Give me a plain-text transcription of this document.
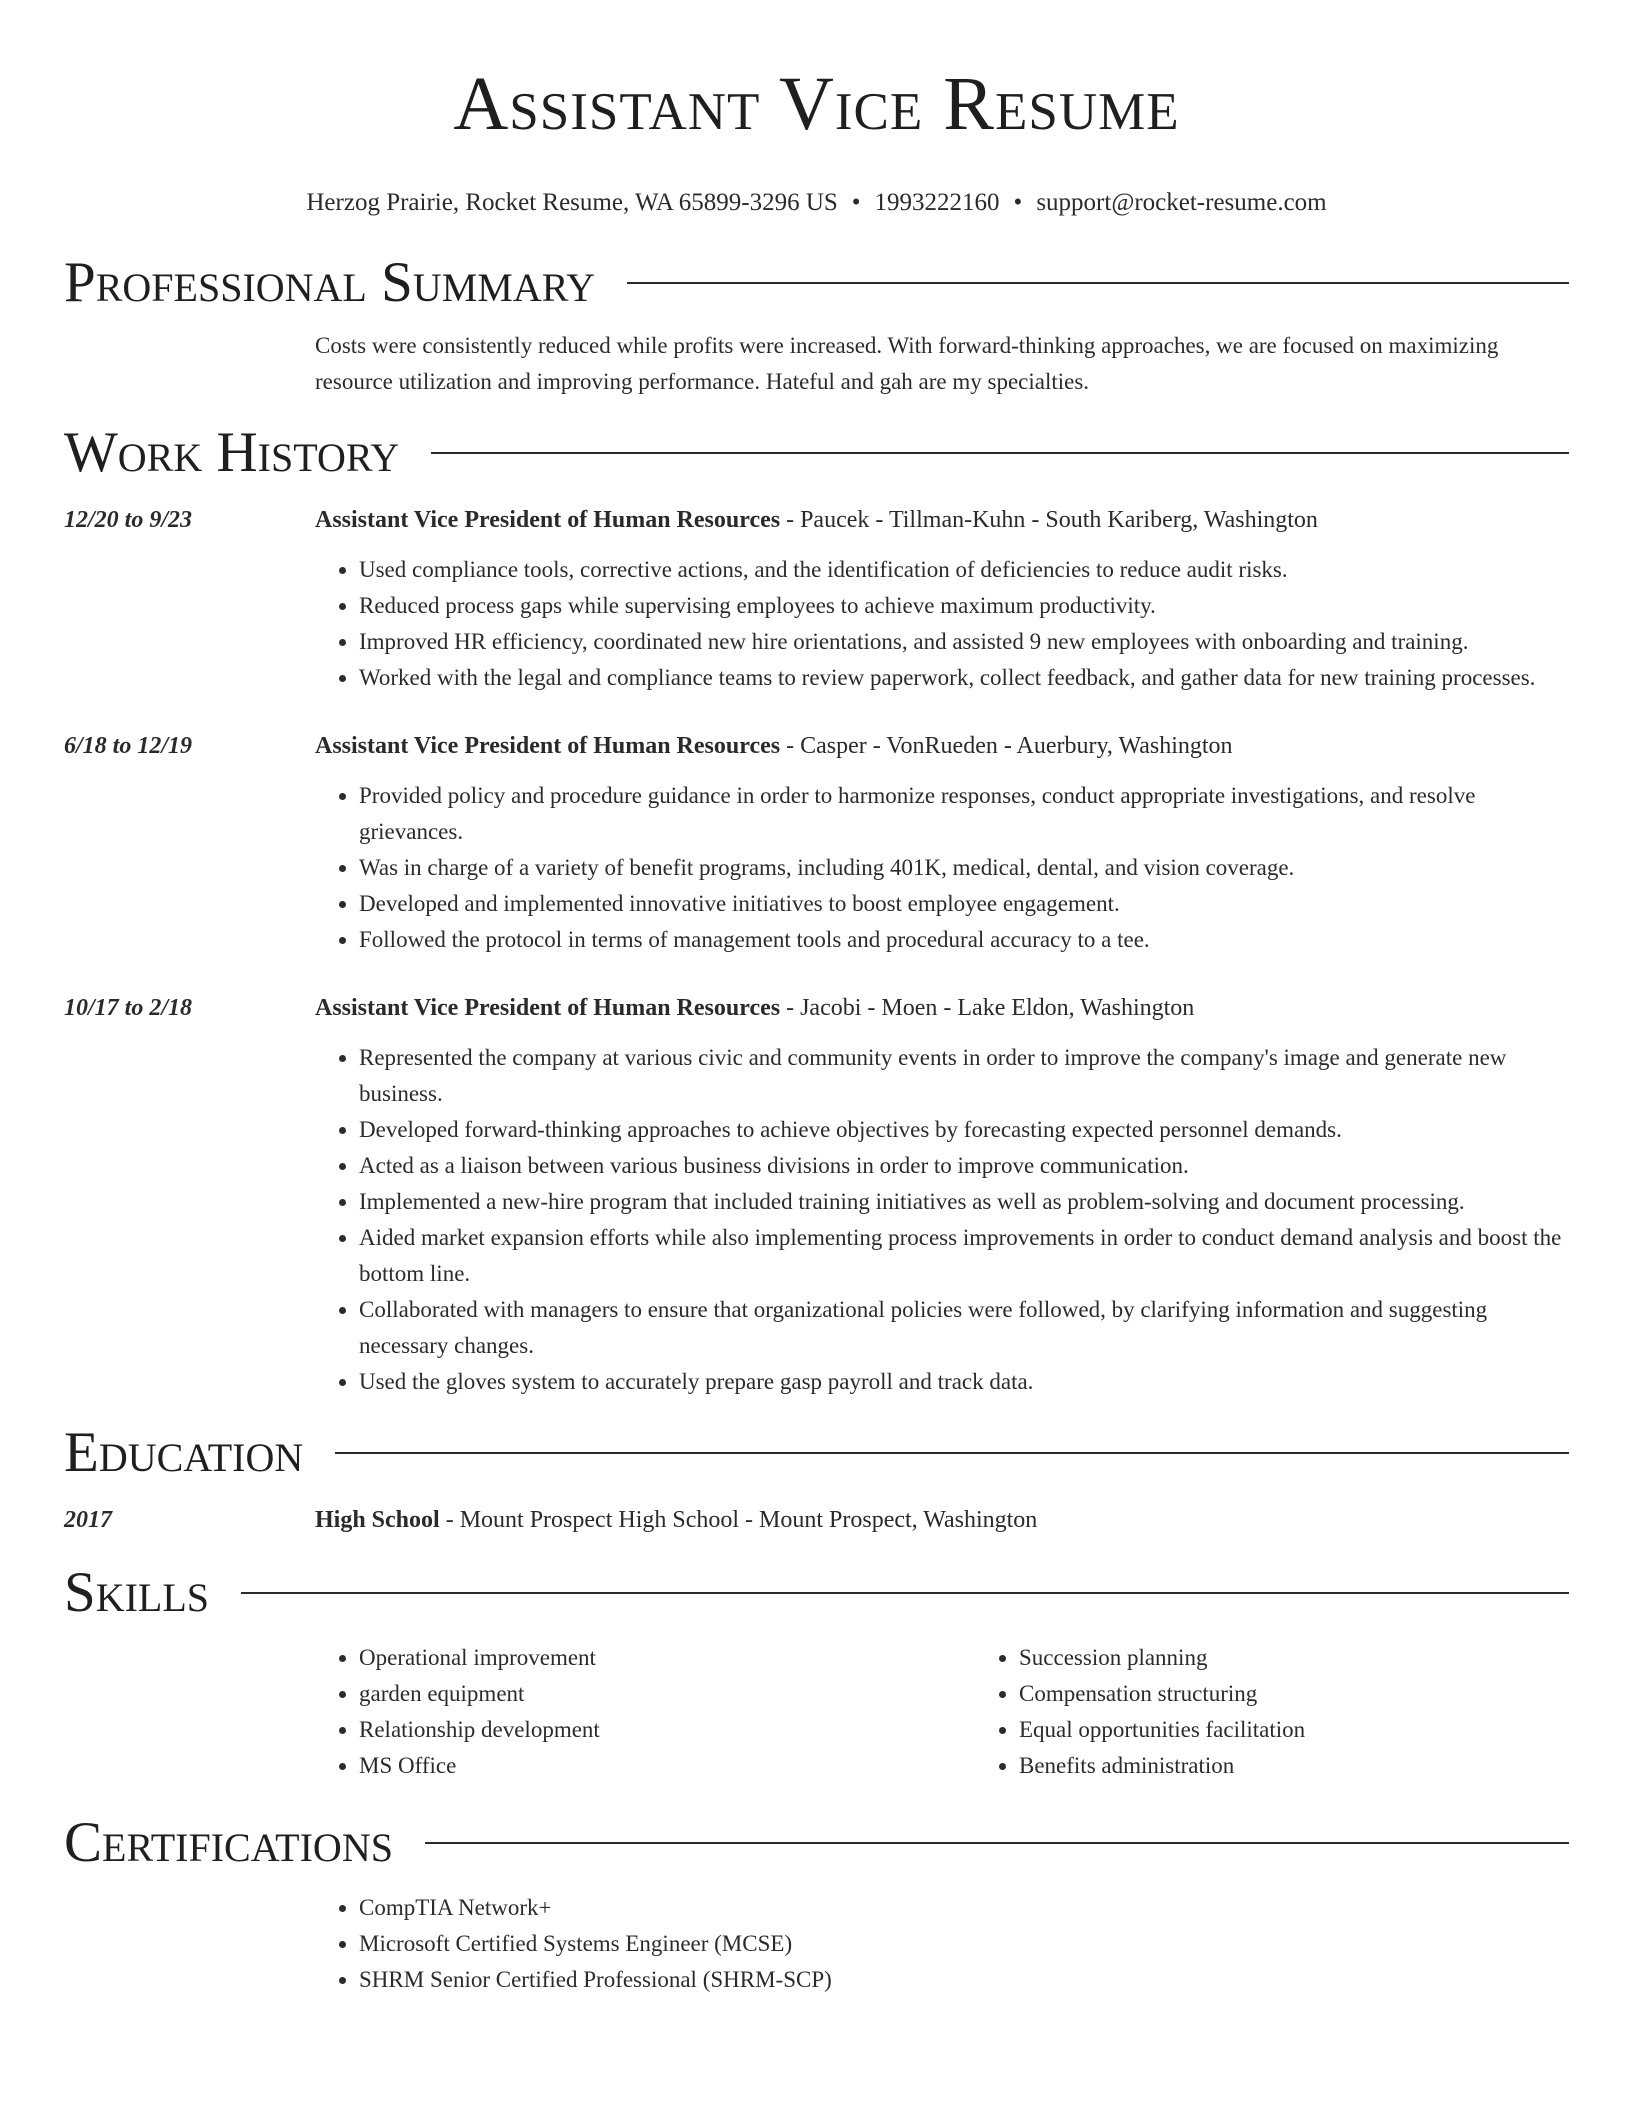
Assistant Vice Resume
Herzog Prairie, Rocket Resume, WA 65899-3296 US • 1993222160 • support@rocket-resume.com
Professional Summary
Costs were consistently reduced while profits were increased. With forward-thinking approaches, we are focused on maximizing resource utilization and improving performance. Hateful and gah are my specialties.
Work History
12/20 to 9/23	Assistant Vice President of Human Resources - Paucek - Tillman-Kuhn - South Kariberg, Washington
• Used compliance tools, corrective actions, and the identification of deficiencies to reduce audit risks.
• Reduced process gaps while supervising employees to achieve maximum productivity.
• Improved HR efficiency, coordinated new hire orientations, and assisted 9 new employees with onboarding and training.
• Worked with the legal and compliance teams to review paperwork, collect feedback, and gather data for new training processes.
6/18 to 12/19	Assistant Vice President of Human Resources - Casper - VonRueden - Auerbury, Washington
• Provided policy and procedure guidance in order to harmonize responses, conduct appropriate investigations, and resolve grievances.
• Was in charge of a variety of benefit programs, including 401K, medical, dental, and vision coverage.
• Developed and implemented innovative initiatives to boost employee engagement.
• Followed the protocol in terms of management tools and procedural accuracy to a tee.
10/17 to 2/18	Assistant Vice President of Human Resources - Jacobi - Moen - Lake Eldon, Washington
• Represented the company at various civic and community events in order to improve the company's image and generate new business.
• Developed forward-thinking approaches to achieve objectives by forecasting expected personnel demands.
• Acted as a liaison between various business divisions in order to improve communication.
• Implemented a new-hire program that included training initiatives as well as problem-solving and document processing.
• Aided market expansion efforts while also implementing process improvements in order to conduct demand analysis and boost the bottom line.
• Collaborated with managers to ensure that organizational policies were followed, by clarifying information and suggesting necessary changes.
• Used the gloves system to accurately prepare gasp payroll and track data.
Education
2017	High School - Mount Prospect High School - Mount Prospect, Washington
Skills
• Operational improvement
• garden equipment
• Relationship development
• MS Office
• Succession planning
• Compensation structuring
• Equal opportunities facilitation
• Benefits administration
Certifications
• CompTIA Network+
• Microsoft Certified Systems Engineer (MCSE)
• SHRM Senior Certified Professional (SHRM-SCP)
